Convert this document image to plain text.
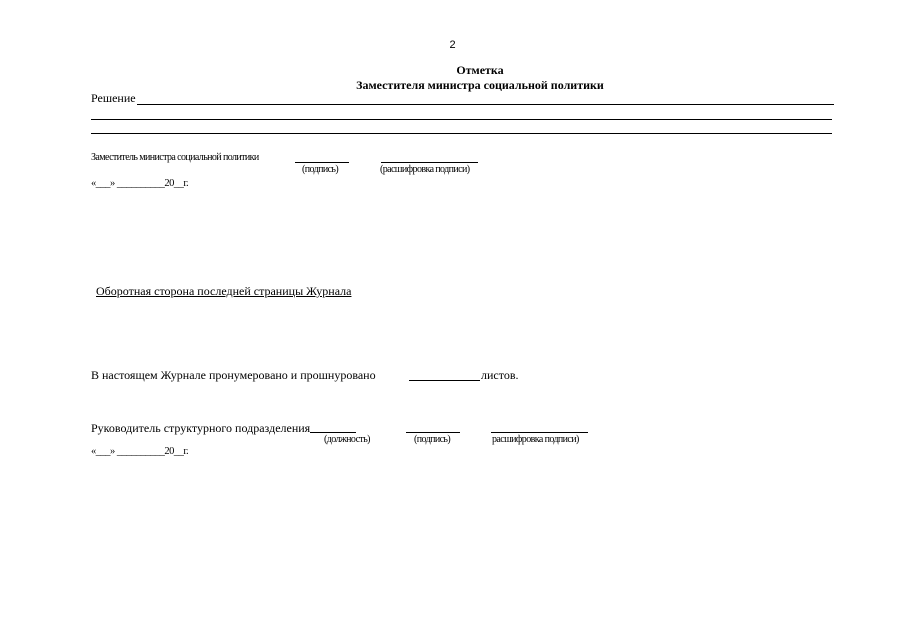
2
Отметка
Заместителя министра социальной политики
Решение
Заместитель министра социальной политики
(подпись)	(расшифровка подписи)
«___» __________20__г.
Оборотная сторона последней страницы Журнала
В настоящем Журнале пронумеровано и прошнуровано	листов.
Руководитель структурного подразделения
(должность)	(подпись)	расшифровка подписи)
«___» __________20__г.
